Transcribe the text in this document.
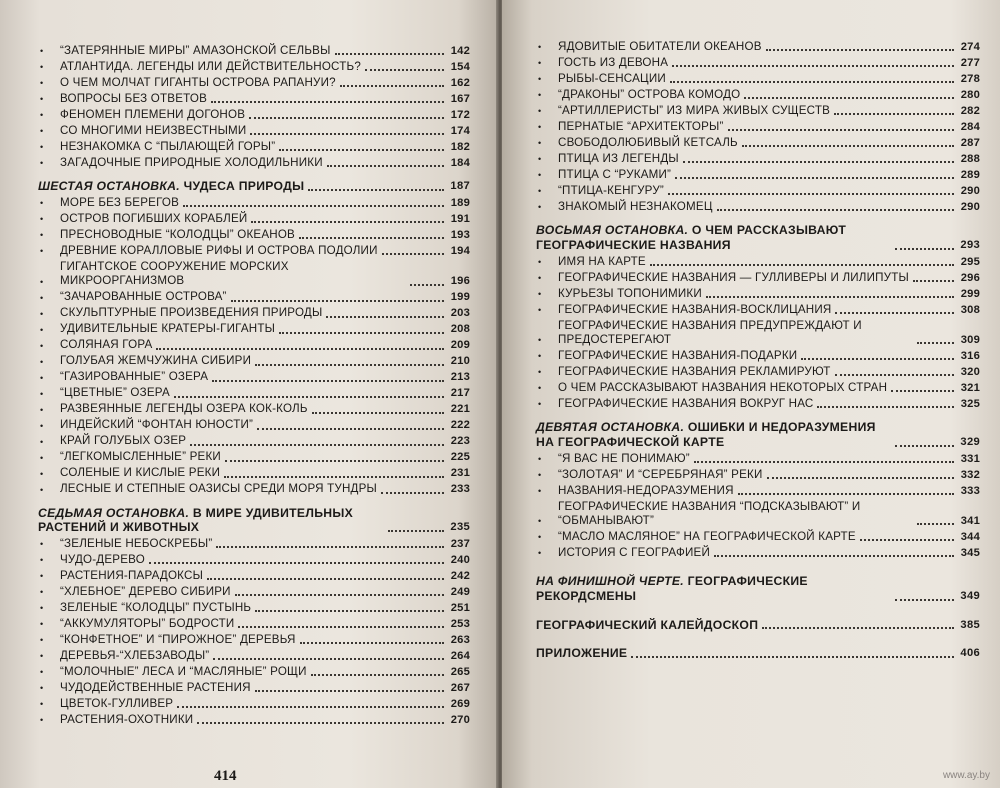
•	“ЗАТЕРЯННЫЕ МИРЫ” АМАЗОНСКОЙ СЕЛЬВЫ	142
•	АТЛАНТИДА. ЛЕГЕНДЫ ИЛИ ДЕЙСТВИТЕЛЬНОСТЬ?	154
•	О ЧЕМ МОЛЧАТ ГИГАНТЫ ОСТРОВА РАПАНУИ?	162
•	ВОПРОСЫ БЕЗ ОТВЕТОВ	167
•	ФЕНОМЕН ПЛЕМЕНИ ДОГОНОВ	172
•	СО МНОГИМИ НЕИЗВЕСТНЫМИ	174
•	НЕЗНАКОМКА С “ПЫЛАЮЩЕЙ ГОРЫ”	182
•	ЗАГАДОЧНЫЕ ПРИРОДНЫЕ ХОЛОДИЛЬНИКИ	184
ШЕСТАЯ ОСТАНОВКА. ЧУДЕСА ПРИРОДЫ	187
•	МОРЕ БЕЗ БЕРЕГОВ	189
•	ОСТРОВ ПОГИБШИХ КОРАБЛЕЙ	191
•	ПРЕСНОВОДНЫЕ “КОЛОДЦЫ” ОКЕАНОВ	193
•	ДРЕВНИЕ КОРАЛЛОВЫЕ РИФЫ И ОСТРОВА ПОДОЛИИ	194
•
ГИГАНТСКОЕ СООРУЖЕНИЕ МОРСКИХ МИКРООРГАНИЗМОВ	196
•	“ЗАЧАРОВАННЫЕ ОСТРОВА”	199
•	СКУЛЬПТУРНЫЕ ПРОИЗВЕДЕНИЯ ПРИРОДЫ	203
•	УДИВИТЕЛЬНЫЕ КРАТЕРЫ-ГИГАНТЫ	208
•	СОЛЯНАЯ ГОРА	209
•	ГОЛУБАЯ ЖЕМЧУЖИНА СИБИРИ	210
•	“ГАЗИРОВАННЫЕ” ОЗЕРА	213
•	“ЦВЕТНЫЕ” ОЗЕРА	217
•	РАЗВЕЯННЫЕ ЛЕГЕНДЫ ОЗЕРА КОК-КОЛЬ	221
•	ИНДЕЙСКИЙ “ФОНТАН ЮНОСТИ”	222
•	КРАЙ ГОЛУБЫХ ОЗЕР	223
•	“ЛЕГКОМЫСЛЕННЫЕ” РЕКИ	225
•	СОЛЕНЫЕ И КИСЛЫЕ РЕКИ	231
•	ЛЕСНЫЕ И СТЕПНЫЕ ОАЗИСЫ СРЕДИ МОРЯ ТУНДРЫ	233
СЕДЬМАЯ ОСТАНОВКА. В МИРЕ УДИВИТЕЛЬНЫХ РАСТЕНИЙ И ЖИВОТНЫХ	235
•	“ЗЕЛЕНЫЕ НЕБОСКРЕБЫ”	237
•	ЧУДО-ДЕРЕВО	240
•	РАСТЕНИЯ-ПАРАДОКСЫ	242
•	“ХЛЕБНОЕ” ДЕРЕВО СИБИРИ	249
•	ЗЕЛЕНЫЕ “КОЛОДЦЫ” ПУСТЫНЬ	251
•	“АККУМУЛЯТОРЫ” БОДРОСТИ	253
•	“КОНФЕТНОЕ” И “ПИРОЖНОЕ” ДЕРЕВЬЯ	263
•	ДЕРЕВЬЯ-“ХЛЕБЗАВОДЫ”	264
•	“МОЛОЧНЫЕ” ЛЕСА И “МАСЛЯНЫЕ” РОЩИ	265
•	ЧУДОДЕЙСТВЕННЫЕ РАСТЕНИЯ	267
•	ЦВЕТОК-ГУЛЛИВЕР	269
•	РАСТЕНИЯ-ОХОТНИКИ	270
414
•	ЯДОВИТЫЕ ОБИТАТЕЛИ ОКЕАНОВ	274
•	ГОСТЬ ИЗ ДЕВОНА	277
•	РЫБЫ-СЕНСАЦИИ	278
•	“ДРАКОНЫ” ОСТРОВА КОМОДО	280
•	“АРТИЛЛЕРИСТЫ” ИЗ МИРА ЖИВЫХ СУЩЕСТВ	282
•	ПЕРНАТЫЕ “АРХИТЕКТОРЫ”	284
•	СВОБОДОЛЮБИВЫЙ КЕТСАЛЬ	287
•	ПТИЦА ИЗ ЛЕГЕНДЫ	288
•	ПТИЦА С “РУКАМИ”	289
•	“ПТИЦА-КЕНГУРУ”	290
•	ЗНАКОМЫЙ НЕЗНАКОМЕЦ	290
ВОСЬМАЯ ОСТАНОВКА. О ЧЕМ РАССКАЗЫВАЮТ ГЕОГРАФИЧЕСКИЕ НАЗВАНИЯ	293
•	ИМЯ НА КАРТЕ	295
•	ГЕОГРАФИЧЕСКИЕ НАЗВАНИЯ — ГУЛЛИВЕРЫ И ЛИЛИПУТЫ	296
•	КУРЬЕЗЫ ТОПОНИМИКИ	299
•	ГЕОГРАФИЧЕСКИЕ НАЗВАНИЯ-ВОСКЛИЦАНИЯ	308
•
ГЕОГРАФИЧЕСКИЕ НАЗВАНИЯ ПРЕДУПРЕЖДАЮТ И ПРЕДОСТЕРЕГАЮТ	309
•	ГЕОГРАФИЧЕСКИЕ НАЗВАНИЯ-ПОДАРКИ	316
•	ГЕОГРАФИЧЕСКИЕ НАЗВАНИЯ РЕКЛАМИРУЮТ	320
•	О ЧЕМ РАССКАЗЫВАЮТ НАЗВАНИЯ НЕКОТОРЫХ СТРАН	321
•	ГЕОГРАФИЧЕСКИЕ НАЗВАНИЯ ВОКРУГ НАС	325
ДЕВЯТАЯ ОСТАНОВКА. ОШИБКИ И НЕДОРАЗУМЕНИЯ НА ГЕОГРАФИЧЕСКОЙ КАРТЕ	329
•	“Я ВАС НЕ ПОНИМАЮ”	331
•	“ЗОЛОТАЯ” И “СЕРЕБРЯНАЯ” РЕКИ	332
•	НАЗВАНИЯ-НЕДОРАЗУМЕНИЯ	333
•
ГЕОГРАФИЧЕСКИЕ НАЗВАНИЯ “ПОДСКАЗЫВАЮТ” И “ОБМАНЫВАЮТ”	341
•	“МАСЛО МАСЛЯНОЕ” НА ГЕОГРАФИЧЕСКОЙ КАРТЕ	344
•	ИСТОРИЯ С ГЕОГРАФИЕЙ	345
НА ФИНИШНОЙ ЧЕРТЕ. ГЕОГРАФИЧЕСКИЕ РЕКОРДСМЕНЫ	349
ГЕОГРАФИЧЕСКИЙ КАЛЕЙДОСКОП	385
ПРИЛОЖЕНИЕ	406
www.ay.by
